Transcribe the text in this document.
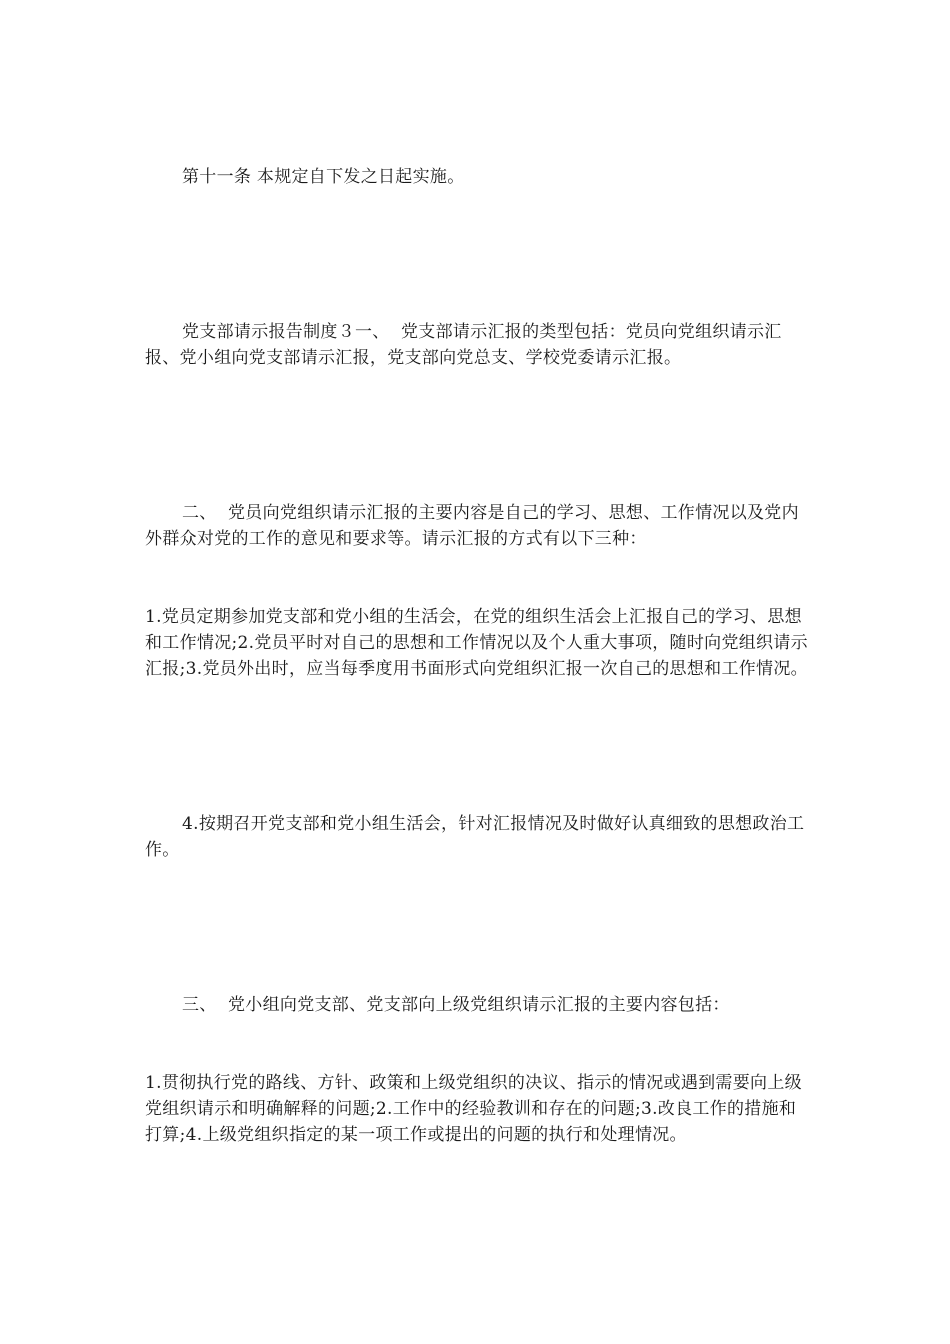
第十一条 本规定自下发之日起实施。

党支部请示报告制度３一、  党支部请示汇报的类型包括：党员向党组织请示汇报、党小组向党支部请示汇报，党支部向党总支、学校党委请示汇报。

二、  党员向党组织请示汇报的主要内容是自己的学习、思想、工作情况以及党内外群众对党的工作的意见和要求等。请示汇报的方式有以下三种：

1.党员定期参加党支部和党小组的生活会，在党的组织生活会上汇报自己的学习、思想和工作情况;2.党员平时对自己的思想和工作情况以及个人重大事项，随时向党组织请示汇报;3.党员外出时，应当每季度用书面形式向党组织汇报一次自己的思想和工作情况。

4.按期召开党支部和党小组生活会，针对汇报情况及时做好认真细致的思想政治工作。

三、  党小组向党支部、党支部向上级党组织请示汇报的主要内容包括：

1.贯彻执行党的路线、方针、政策和上级党组织的决议、指示的情况或遇到需要向上级党组织请示和明确解释的问题;2.工作中的经验教训和存在的问题;3.改良工作的措施和打算;4.上级党组织指定的某一项工作或提出的问题的执行和处理情况。
